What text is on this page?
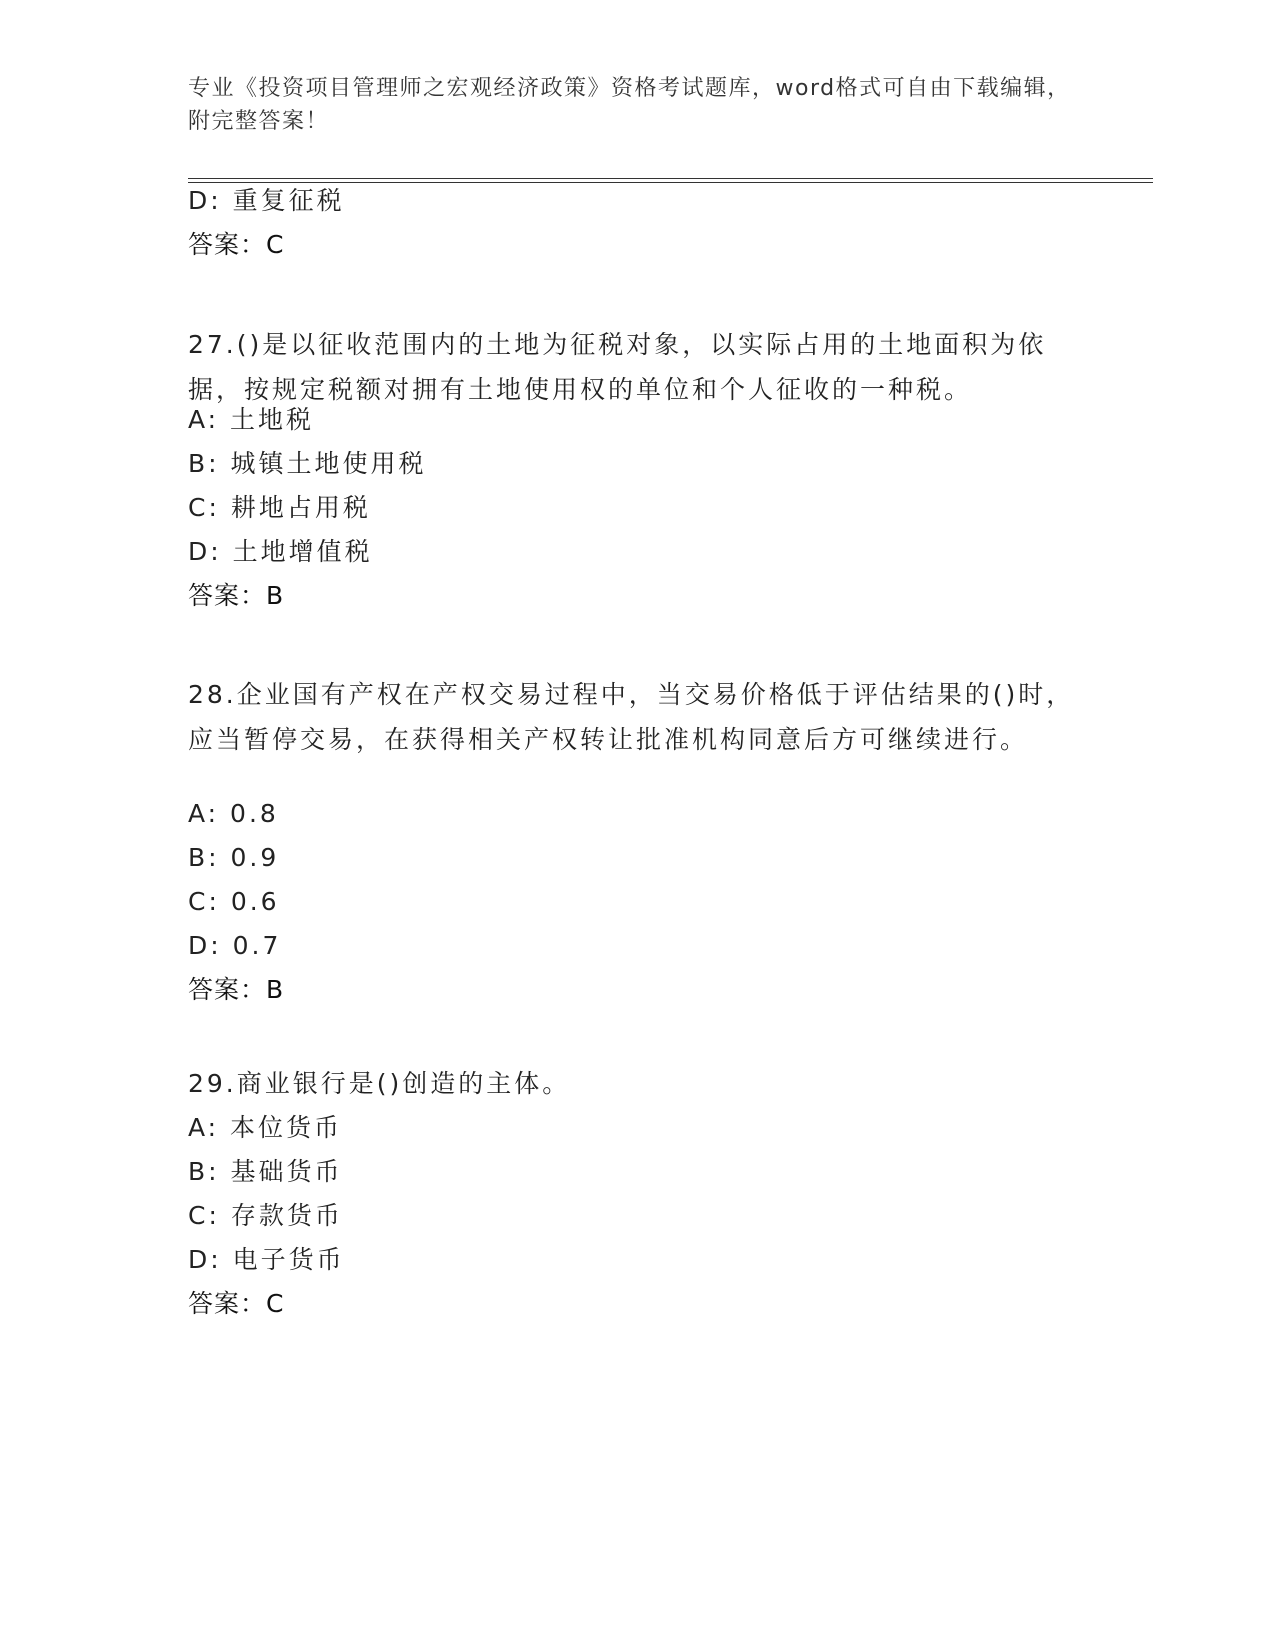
专业《投资项目管理师之宏观经济政策》资格考试题库，word格式可自由下载编辑，附完整答案！
D: 重复征税
答案：C
27.()是以征收范围内的土地为征税对象，以实际占用的土地面积为依据，按规定税额对拥有土地使用权的单位和个人征收的一种税。
A: 土地税
B: 城镇土地使用税
C: 耕地占用税
D: 土地增值税
答案：B
28.企业国有产权在产权交易过程中，当交易价格低于评估结果的()时，应当暂停交易，在获得相关产权转让批准机构同意后方可继续进行。
A: 0.8
B: 0.9
C: 0.6
D: 0.7
答案：B
29.商业银行是()创造的主体。
A: 本位货币
B: 基础货币
C: 存款货币
D: 电子货币
答案：C
